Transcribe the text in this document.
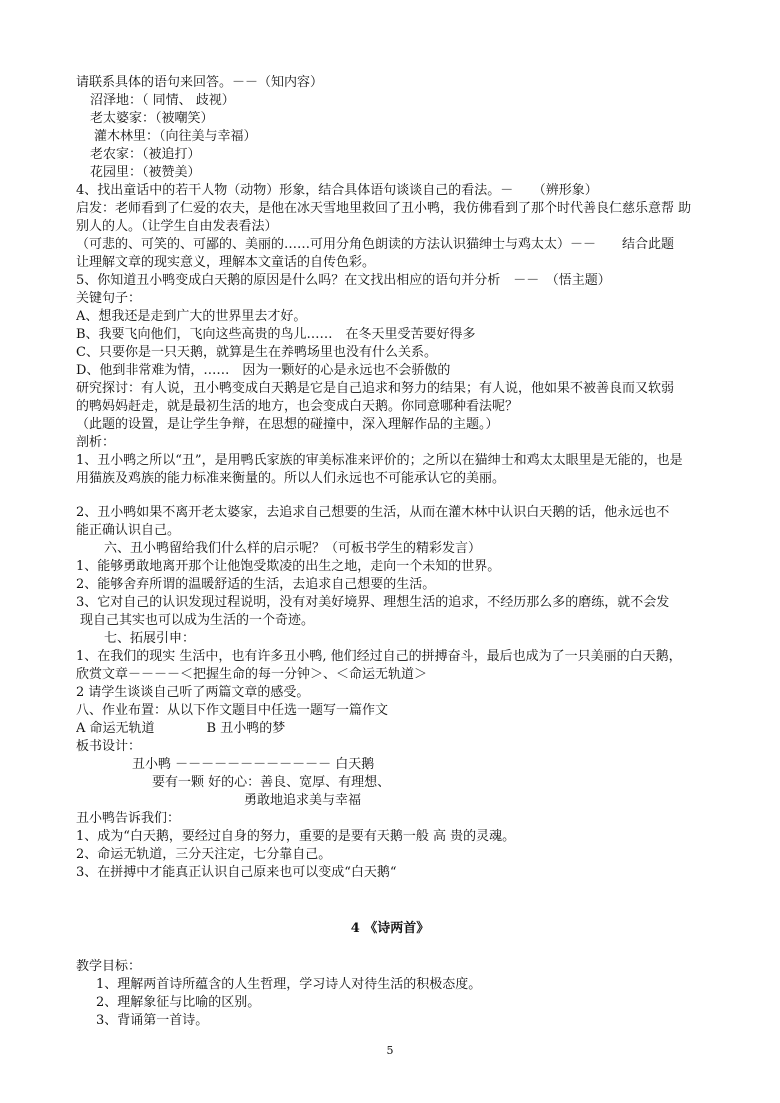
请联系具体的语句来回答。－－（知内容）
沼泽地：（ 同情、 歧视）
老太婆家：（被嘲笑）
灌木林里：（向往美与幸福）
老农家：（被追打）
花园里：（被赞美）
4、找出童话中的若干人物（动物）形象，结合具体语句谈谈自己的看法。－　　（辨形象）
启发：老师看到了仁爱的农夫，是他在冰天雪地里救回了丑小鸭，我仿佛看到了那个时代善良仁慈乐意帮 助
别人的人。（让学生自由发表看法）
（可悲的、可笑的、可鄙的、美丽的……可用分角色朗读的方法认识猫绅士与鸡太太）－－　　结合此题
让理解文章的现实意义，理解本文童话的自传色彩。
5、你知道丑小鸭变成白天鹅的原因是什么吗？在文找出相应的语句并分析　－－　（悟主题）
关键句子：
A、想我还是走到广大的世界里去才好。
B、我要飞向他们，飞向这些高贵的鸟儿……　在冬天里受苦要好得多
C、只要你是一只天鹅，就算是生在养鸭场里也没有什么关系。
D、他到非常难为情，……　因为一颗好的心是永远也不会骄傲的
研究探讨：有人说，丑小鸭变成白天鹅是它是自己追求和努力的结果；有人说，他如果不被善良而又软弱
的鸭妈妈赶走，就是最初生活的地方，也会变成白天鹅。你同意哪种看法呢？
（此题的设置，是让学生争辩，在思想的碰撞中，深入理解作品的主题。）
剖析：
1、丑小鸭之所以“丑”，是用鸭氏家族的审美标准来评价的；之所以在猫绅士和鸡太太眼里是无能的，也是
用猫族及鸡族的能力标准来衡量的。所以人们永远也不可能承认它的美丽。
2、丑小鸭如果不离开老太婆家，去追求自己想要的生活，从而在灌木林中认识白天鹅的话，他永远也不
能正确认识自己。
六、丑小鸭留给我们什么样的启示呢？（可板书学生的精彩发言）
1、能够勇敢地离开那个让他饱受欺凌的出生之地，走向一个未知的世界。
2、能够舍弃所谓的温暖舒适的生活，去追求自己想要的生活。
3、它对自己的认识发现过程说明，没有对美好境界、理想生活的追求，不经历那么多的磨练，就不会发
现自己其实也可以成为生活的一个奇迹。
七、拓展引申：
1、在我们的现实 生活中，也有许多丑小鸭, 他们经过自己的拼搏奋斗，最后也成为了一只美丽的白天鹅，
欣赏文章－－－－＜把握生命的每一分钟＞、＜命运无轨道＞
2 请学生谈谈自己听了两篇文章的感受。
八、作业布置：从以下作文题目中任选一题写一篇作文
A 命运无轨道　　　　B 丑小鸭的梦
板书设计：
丑小鸭 －－－－－－－－－－－－ 白天鹅
要有一颗 好的心：善良、宽厚、有理想、
勇敢地追求美与幸福
丑小鸭告诉我们：
1、成为“白天鹅，要经过自身的努力，重要的是要有天鹅一般 高 贵的灵魂。
2、命运无轨道，三分天注定，七分靠自己。
3、在拼搏中才能真正认识自己原来也可以变成“白天鹅“
4 《诗两首》
教学目标：
1、理解两首诗所蕴含的人生哲理，学习诗人对待生活的积极态度。
2、理解象征与比喻的区别。
3、背诵第一首诗。
5
